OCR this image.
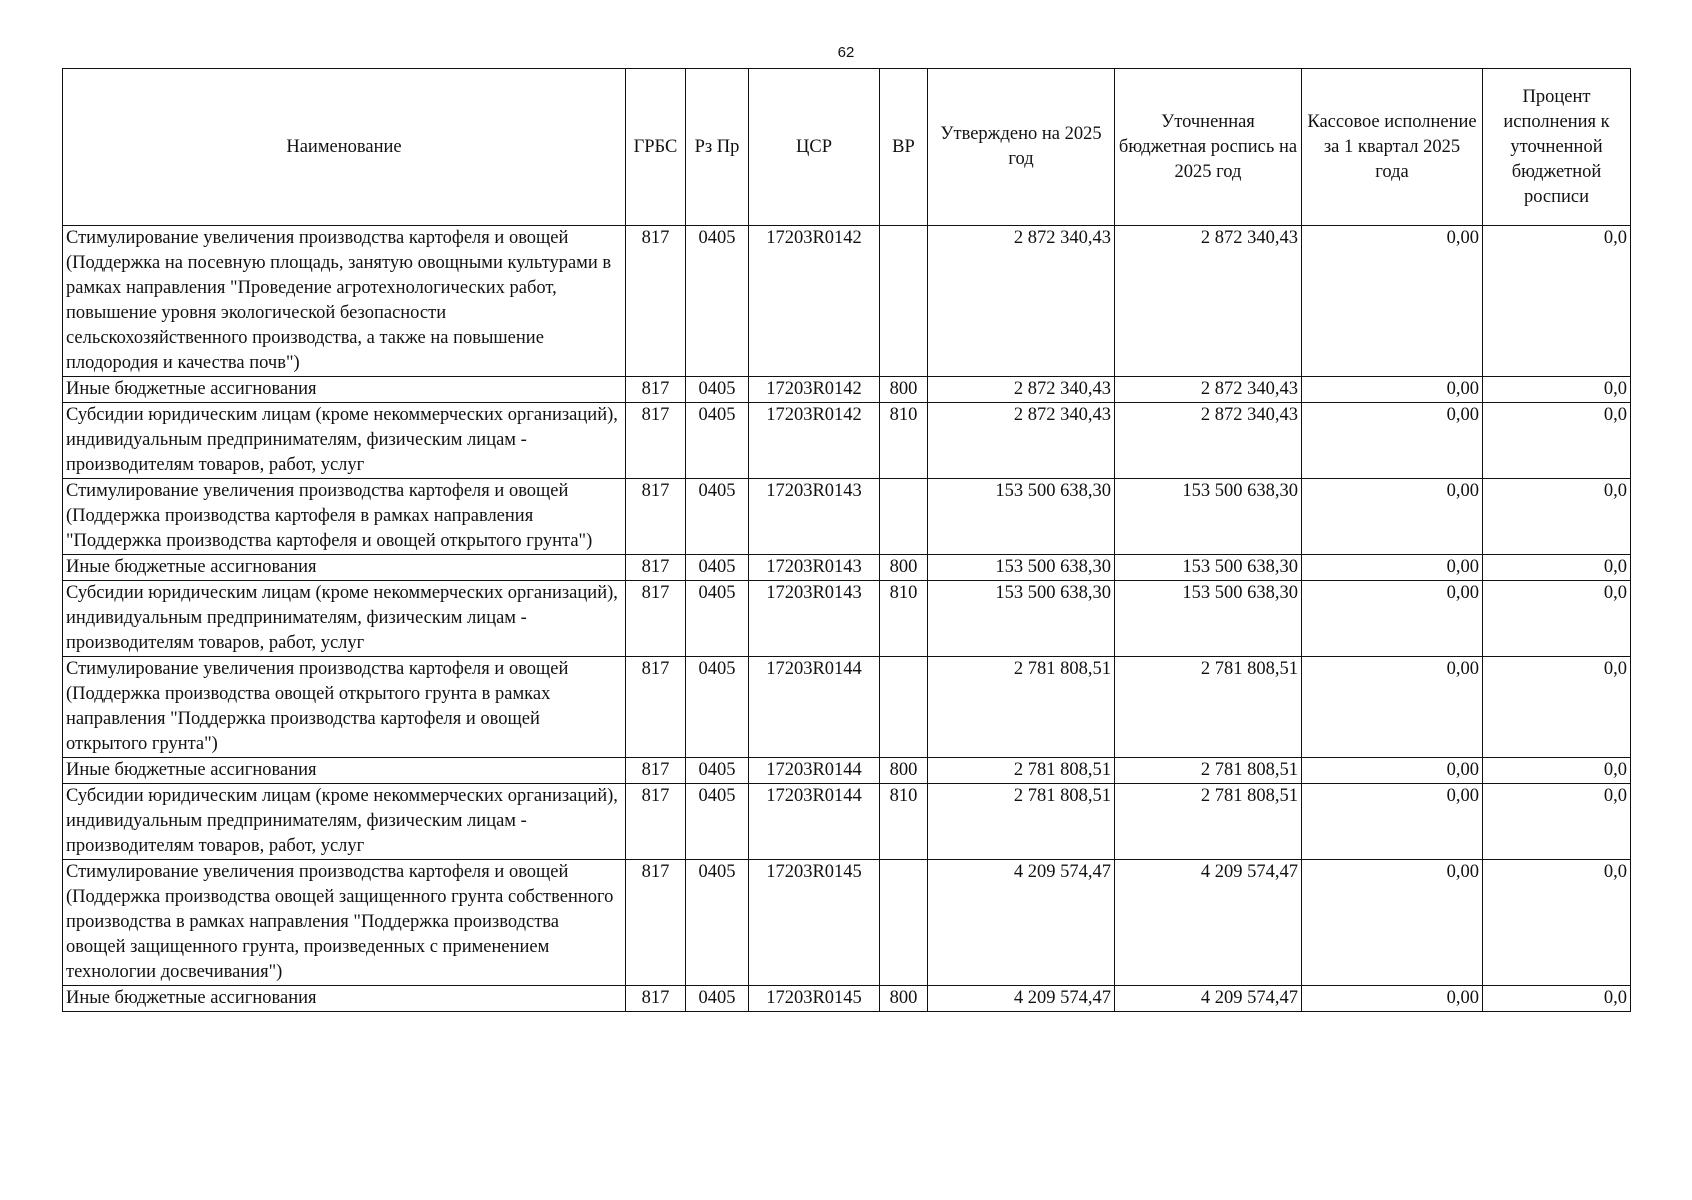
62
Наименование	ГРБС	Рз Пр	ЦСР	ВР	Утверждено на 2025 год	Уточненная бюджетная роспись на 2025 год	Кассовое исполнение за 1 квартал 2025 года	Процент исполнения к уточненной бюджетной росписи
Стимулирование увеличения производства картофеля и овощей (Поддержка на посевную площадь, занятую овощными культурами в рамках направления "Проведение агротехнологических работ, повышение уровня экологической безопасности сельскохозяйственного производства, а также на повышение плодородия и качества почв")	817	0405	17203R0142		2 872 340,43	2 872 340,43	0,00	0,0
Иные бюджетные ассигнования	817	0405	17203R0142	800	2 872 340,43	2 872 340,43	0,00	0,0
Субсидии юридическим лицам (кроме некоммерческих организаций), индивидуальным предпринимателям, физическим лицам - производителям товаров, работ, услуг	817	0405	17203R0142	810	2 872 340,43	2 872 340,43	0,00	0,0
Стимулирование увеличения производства картофеля и овощей (Поддержка производства картофеля в рамках направления "Поддержка производства картофеля и овощей открытого грунта")	817	0405	17203R0143		153 500 638,30	153 500 638,30	0,00	0,0
Иные бюджетные ассигнования	817	0405	17203R0143	800	153 500 638,30	153 500 638,30	0,00	0,0
Субсидии юридическим лицам (кроме некоммерческих организаций), индивидуальным предпринимателям, физическим лицам - производителям товаров, работ, услуг	817	0405	17203R0143	810	153 500 638,30	153 500 638,30	0,00	0,0
Стимулирование увеличения производства картофеля и овощей (Поддержка производства овощей открытого грунта в рамках направления "Поддержка производства картофеля и овощей открытого грунта")	817	0405	17203R0144		2 781 808,51	2 781 808,51	0,00	0,0
Иные бюджетные ассигнования	817	0405	17203R0144	800	2 781 808,51	2 781 808,51	0,00	0,0
Субсидии юридическим лицам (кроме некоммерческих организаций), индивидуальным предпринимателям, физическим лицам - производителям товаров, работ, услуг	817	0405	17203R0144	810	2 781 808,51	2 781 808,51	0,00	0,0
Стимулирование увеличения производства картофеля и овощей (Поддержка производства овощей защищенного грунта собственного производства в рамках направления "Поддержка производства овощей защищенного грунта, произведенных с применением технологии досвечивания")	817	0405	17203R0145		4 209 574,47	4 209 574,47	0,00	0,0
Иные бюджетные ассигнования	817	0405	17203R0145	800	4 209 574,47	4 209 574,47	0,00	0,0
